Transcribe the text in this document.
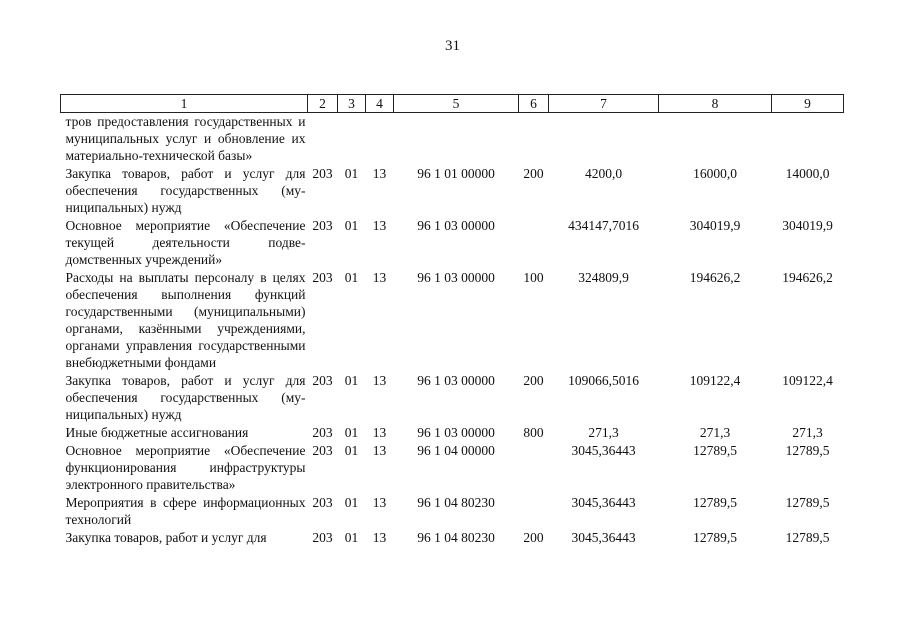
31
1	2	3	4	5	6	7	8	9
тров предоставления государственных и муниципальных услуг и обновление их материально-технической базы»								
Закупка товаров, работ и услуг для обеспечения государственных (муниципальных) нужд	203	01	13	96 1 01 00000	200	4200,0	16000,0	14000,0
Основное мероприятие «Обеспечение текущей деятельности подведомственных учреждений»	203	01	13	96 1 03 00000		434147,7016	304019,9	304019,9
Расходы на выплаты персоналу в целях обеспечения выполнения функций государственными (муниципальными) органами, казёнными учреждениями, органами управления государственными внебюджетными фондами	203	01	13	96 1 03 00000	100	324809,9	194626,2	194626,2
Закупка товаров, работ и услуг для обеспечения государственных (муниципальных) нужд	203	01	13	96 1 03 00000	200	109066,5016	109122,4	109122,4
Иные бюджетные ассигнования	203	01	13	96 1 03 00000	800	271,3	271,3	271,3
Основное мероприятие «Обеспечение функционирования инфраструктуры электронного правительства»	203	01	13	96 1 04 00000		3045,36443	12789,5	12789,5
Мероприятия в сфере информационных технологий	203	01	13	96 1 04 80230		3045,36443	12789,5	12789,5
Закупка товаров, работ и услуг для	203	01	13	96 1 04 80230	200	3045,36443	12789,5	12789,5
